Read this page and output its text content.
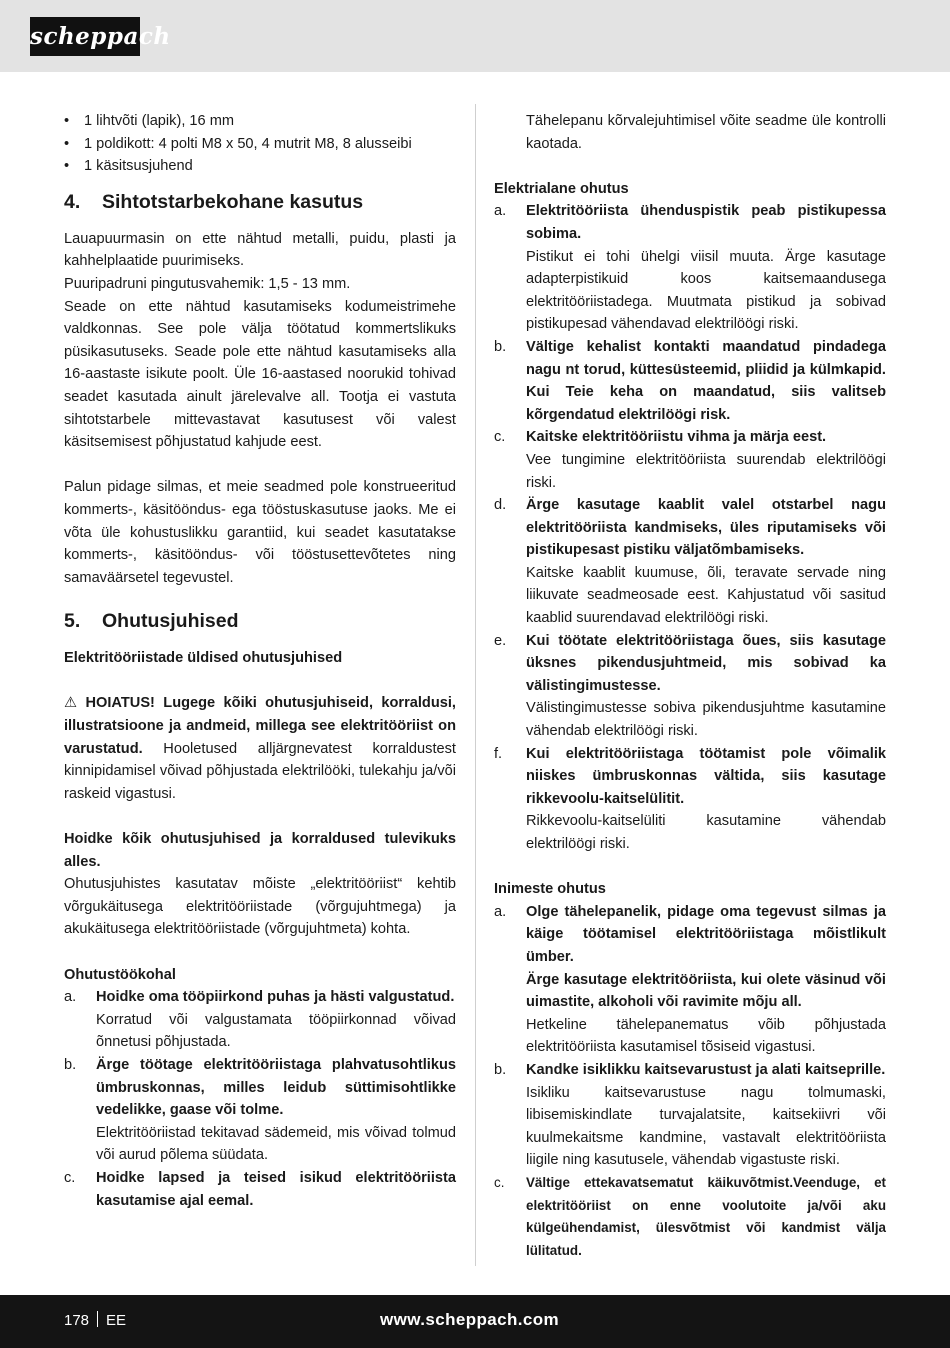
scheppach
• 1 lihtvõti (lapik), 16 mm
• 1 poldikott: 4 polti M8 x 50, 4 mutrit M8, 8 alusseibi
• 1 käsitsusjuhend
4. Sihtotstarbekohane kasutus

Lauapuurmasin on ette nähtud metalli, puidu, plasti ja kahhelplaatide puurimiseks.

Puuripadruni pingutusvahemik: 1,5 - 13 mm.

Seade on ette nähtud kasutamiseks kodumeistrimehe valdkonnas. See pole välja töötatud kommertslikuks püsikasutuseks. Seade pole ette nähtud kasutamiseks alla 16-aastaste isikute poolt. Üle 16-aastased noorukid tohivad seadet kasutada ainult järelevalve all. Tootja ei vastuta sihtotstarbele mittevastavat kasutusest või valest käsitsemisest põhjustatud kahjude eest.

Palun pidage silmas, et meie seadmed pole konstrueeritud kommerts-, käsitööndus- ega tööstuskasutuse jaoks. Me ei võta üle kohustuslikku garantiid, kui seadet kasutatakse kommerts-, käsitööndus- või tööstusettevõtetes ning samaväärsetel tegevustel.

5. Ohutusjuhised

Elektritööriistade üldised ohutusjuhised

⚠ HOIATUS! Lugege kõiki ohutusjuhiseid, korraldusi, illustratsioone ja andmeid, millega see elektritööriist on varustatud. Hooletused alljärgnevatest korraldustest kinnipidamisel võivad põhjustada elektrilööki, tulekahju ja/või raskeid vigastusi.

Hoidke kõik ohutusjuhised ja korraldused tulevikuks alles.

Ohutusjuhistes kasutatav mõiste „elektritööriist“ kehtib võrgukäitusega elektritööriistade (võrgujuhtmega) ja akukäitusega elektritööriistade (võrgujuhtmeta) kohta.

Ohutustöökohal

a. Hoidke oma tööpiirkond puhas ja hästi valgustatud.

Korratud või valgustamata tööpiirkonnad võivad õnnetusi põhjustada.

b. Ärge töötage elektritööriistaga plahvatusohtlikus ümbruskonnas, milles leidub süttimisohtlikke vedelikke, gaase või tolme.

Elektritööriistad tekitavad sädemeid, mis võivad tolmud või aurud põlema süüdata.

c. Hoidke lapsed ja teised isikud elektritööriista kasutamise ajal eemal.

Tähelepanu kõrvalejuhtimisel võite seadme üle kontrolli kaotada.

Elektrialane ohutus

a. Elektritööriista ühenduspistik peab pistikupessa sobima.

Pistikut ei tohi ühelgi viisil muuta. Ärge kasutage adapterpistikuid koos kaitsemaandusega elektritööriistadega. Muutmata pistikud ja sobivad pistikupesad vähendavad elektrilöögi riski.

b. Vältige kehalist kontakti maandatud pindadega nagu nt torud, küttesüsteemid, pliidid ja külmkapid. Kui Teie keha on maandatud, siis valitseb kõrgendatud elektrilöögi risk.

c. Kaitske elektritööriistu vihma ja märja eest.

Vee tungimine elektritööriista suurendab elektrilöögi riski.

d. Ärge kasutage kaablit valel otstarbel nagu elektritööriista kandmiseks, üles riputamiseks või pistikupesast pistiku väljatõmbamiseks.

Kaitske kaablit kuumuse, õli, teravate servade ning liikuvate seadmeosade eest. Kahjustatud või sasitud kaablid suurendavad elektrilöögi riski.

e. Kui töötate elektritööriistaga õues, siis kasutage üksnes pikendusjuhtmeid, mis sobivad ka välistingimustesse.

Välistingimustesse sobiva pikendusjuhtme kasutamine vähendab elektrilöögi riski.

f. Kui elektritööriistaga töötamist pole võimalik niiskes ümbruskonnas vältida, siis kasutage rikkevoolu-kaitselülitit.

Rikkevoolu-kaitselüliti kasutamine vähendab elektrilöögi riski.

Inimeste ohutus

a. Olge tähelepanelik, pidage oma tegevust silmas ja käige töötamisel elektritööriistaga mõistlikult ümber.

Ärge kasutage elektritööriista, kui olete väsinud või uimastite, alkoholi või ravimite mõju all.

Hetkeline tähelepanematus võib põhjustada elektritööriista kasutamisel tõsiseid vigastusi.

b. Kandke isiklikku kaitsevarustust ja alati kaitseprille.

Isikliku kaitsevarustuse nagu tolmumaski, libisemiskindlate turvajalatsite, kaitsekiivri või kuulmekaitsme kandmine, vastavalt elektritööriista liigile ning kasutusele, vähendab vigastuste riski.

c. Vältige ettekavatsematut käikuvõtmist.Veenduge, et elektritööriist on enne voolutoite ja/või aku külgeühendamist, ülesvõtmist või kandmist välja lülitatud.

178 EE	www.scheppach.com
